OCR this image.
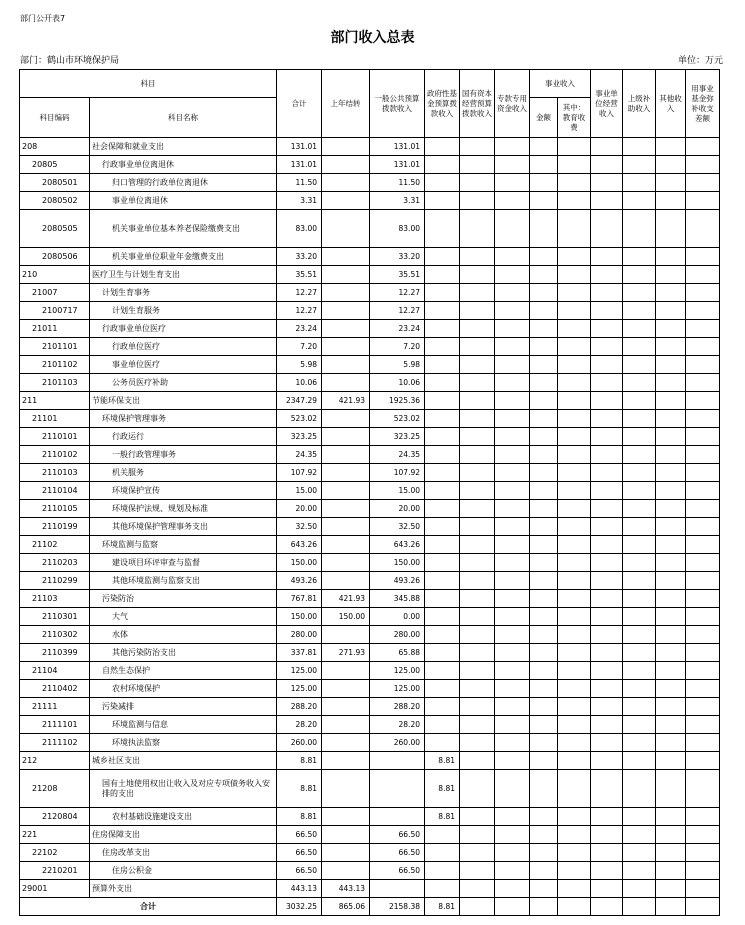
部门公开表7
部门收入总表
部门：鹤山市环境保护局	单位：万元
科目		合计	上年结转	一般公共预算拨款收入	政府性基金预算拨款收入	国有资本经营预算拨款收入	专款专用资金收入	事业收入		事业单位经营收入	上级补助收入	其他收入	用事业基金弥补收支差额
科目编码	科目名称							金额	其中：教育收费				
208	社会保障和就业支出	131.01		131.01									
20805	行政事业单位离退休	131.01		131.01									
2080501	归口管理的行政单位离退休	11.50		11.50									
2080502	事业单位离退休	3.31		3.31									
2080505	机关事业单位基本养老保险缴费支出	83.00		83.00									
2080506	机关事业单位职业年金缴费支出	33.20		33.20									
210	医疗卫生与计划生育支出	35.51		35.51									
21007	计划生育事务	12.27		12.27									
2100717	计划生育服务	12.27		12.27									
21011	行政事业单位医疗	23.24		23.24									
2101101	行政单位医疗	7.20		7.20									
2101102	事业单位医疗	5.98		5.98									
2101103	公务员医疗补助	10.06		10.06									
211	节能环保支出	2347.29	421.93	1925.36									
21101	环境保护管理事务	523.02		523.02									
2110101	行政运行	323.25		323.25									
2110102	一般行政管理事务	24.35		24.35									
2110103	机关服务	107.92		107.92									
2110104	环境保护宣传	15.00		15.00									
2110105	环境保护法规、规划及标准	20.00		20.00									
2110199	其他环境保护管理事务支出	32.50		32.50									
21102	环境监测与监察	643.26		643.26									
2110203	建设项目环评审查与监督	150.00		150.00									
2110299	其他环境监测与监察支出	493.26		493.26									
21103	污染防治	767.81	421.93	345.88									
2110301	大气	150.00	150.00	0.00									
2110302	水体	280.00		280.00									
2110399	其他污染防治支出	337.81	271.93	65.88									
21104	自然生态保护	125.00		125.00									
2110402	农村环境保护	125.00		125.00									
21111	污染减排	288.20		288.20									
2111101	环境监测与信息	28.20		28.20									
2111102	环境执法监察	260.00		260.00									
212	城乡社区支出	8.81			8.81								
21208	国有土地使用权出让收入及对应专项债务收入安排的支出	8.81			8.81								
2120804	农村基础设施建设支出	8.81			8.81								
221	住房保障支出	66.50		66.50									
22102	住房改革支出	66.50		66.50									
2210201	住房公积金	66.50		66.50									
29001	预算外支出	443.13	443.13										
合计		3032.25	865.06	2158.38	8.81								
